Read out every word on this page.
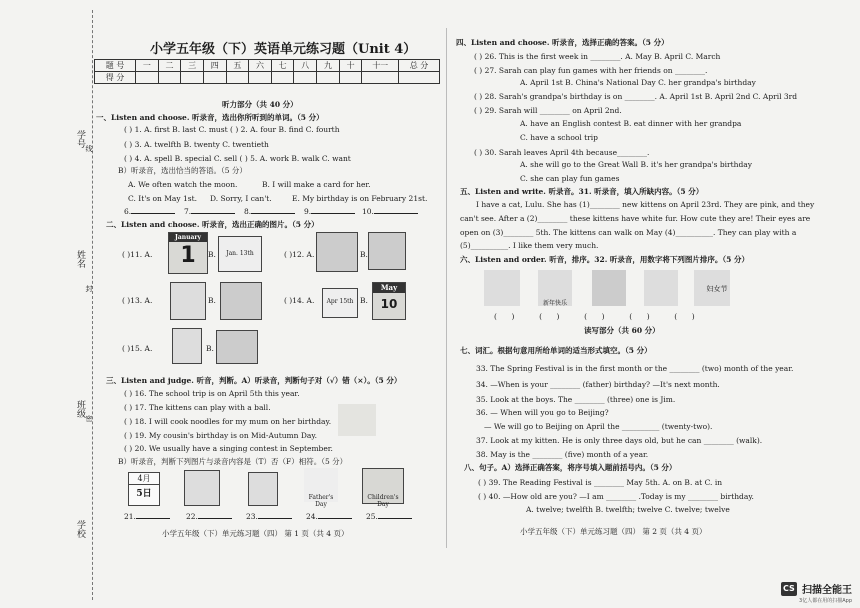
学号
姓名
班级
学校
线
封
密
小学五年级（下）英语单元练习题（Unit 4）
题 号	一	二	三	四	五	六	七	八	九	十	十一	总 分
得 分												
听力部分（共 40 分）
一、Listen and choose. 听录音，选出你所听到的单词。（5 分）
( ) 1. A. first B. last C. must ( ) 2. A. four B. find C. fourth
( ) 3. A. twelfth B. twenty C. twentieth
( ) 4. A. spell B. special C. sell ( ) 5. A. work B. walk C. want
B）听录音，选出恰当的答语。（5 分）
A. We often watch the moon.	B. I will make a card for her.
C. It's on May 1st. D. Sorry, I can't.	E. My birthday is on February 21st.
6.	7.	8.	9.	10.
二、Listen and choose. 听录音，选出正确的图片。（5 分）
( )11. A.
January
1	B.	Jan. 13th	( )12. A.	B.
( )13. A.	B.	( )14. A.	Apr 15th B.
May
10
( )15. A.	B.
三、Listen and judge. 听音，判断。A）听录音，判断句子对（√）错（×）。（5 分）
( ) 16. The school trip is on April 5th this year.
( ) 17. The kittens can play with a ball.
( ) 18. I will cook noodles for my mum on her birthday.
( ) 19. My cousin's birthday is on Mid-Autumn Day.
( ) 20. We usually have a singing contest in September.
B）听录音，判断下列图片与录音内容是（T）否（F）相符。（5 分）
4月
5日	Father's Day
Children's Day
21.	22.	23.	24.	25.
小学五年级（下）单元练习题（四） 第 1 页（共 4 页）
四、Listen and choose. 听录音，选择正确的答案。（5 分）
( ) 26. This is the first week in ________. A. May B. April C. March
( ) 27. Sarah can play fun games with her friends on ________.
A. April 1st B. China's National Day C. her grandpa's birthday
( ) 28. Sarah's grandpa's birthday is on ________. A. April 1st B. April 2nd C. April 3rd
( ) 29. Sarah will ________ on April 2nd.
A. have an English contest B. eat dinner with her grandpa
C. have a school trip
( ) 30. Sarah leaves April 4th because________.
A. she will go to the Great Wall B. it's her grandpa's birthday
C. she can play fun games
五、Listen and write. 听录音。31. 听录音，填入所缺内容。（5 分）
I have a cat, Lulu. She has (1)________ new kittens on April 23rd. They are pink, and they
can't see. After a (2)________ these kittens have white fur. How cute they are! Their eyes are
open on (3)________ 5th. The kittens can walk on May (4)__________. They can play with a
(5)__________. I like them very much.
六、Listen and order. 听音，排序。32. 听录音，用数字将下列图片排序。（5 分）
新年快乐
妇女节
(    )       (    )       (    )       (    )       (    )
读写部分（共 60 分）
七、词汇。根据句意用所给单词的适当形式填空。（5 分）
33. The Spring Festival is in the first month or the ________ (two) month of the year.
34. —When is your ________ (father) birthday? —It's next month.
35. Look at the boys. The ________ (three) one is Jim.
36. — When will you go to Beijing?
— We will go to Beijing on April the __________ (twenty-two).
37. Look at my kitten. He is only three days old, but he can ________ (walk).
38. May is the ________ (five) month of a year.
八、句子。A）选择正确答案，将序号填入题前括号内。（5 分）
( ) 39. The Reading Festival is ________ May 5th. A. on B. at C. in
( ) 40. —How old are you? —I am ________ .Today is my ________ birthday.
A. twelve; twelfth B. twelfth; twelve C. twelve; twelve
小学五年级（下）单元练习题（四） 第 2 页（共 4 页）
CS 扫描全能王
3亿人都在用的扫描App
